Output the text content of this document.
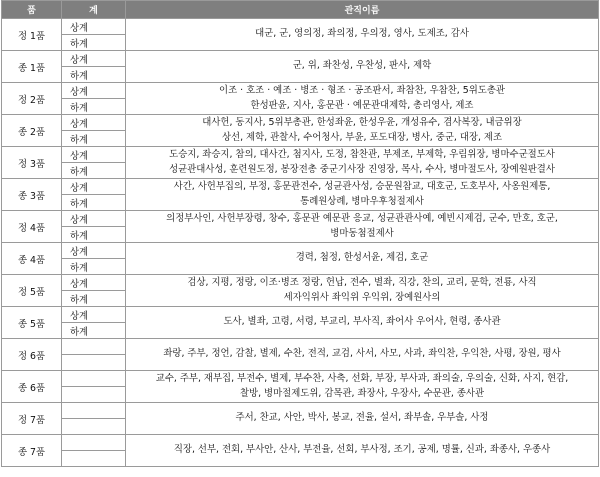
품	계	관직이름
정 1품	상계	대군, 군, 영의정, 좌의정, 우의정, 영사, 도제조, 감사
	하계	
종 1품	상계	군, 위, 좌찬성, 우찬성, 판사, 제학
	하계	
정 2품	상계	이조 · 호조 · 예조 · 병조 · 형조 · 공조판서, 좌참찬, 우참찬, 5위도총관
한성판윤, 지사, 홍문관 · 예문관대제학, 총리영사, 제조
	하계	
종 2품	상계	대사헌, 동지사, 5위부총관, 한성좌윤, 한성우윤, 개성유수, 겸사복장, 내금위장
상선, 제학, 관찰사, 수어청사, 부윤, 포도대장, 병사, 중군, 대장, 제조
	하계	
정 3품	상계	도승지, 좌승지, 참의, 대사간, 첨지사, 도정, 참찬관, 부제조, 부제학, 우림위장, 병마수군절도사
성균관대사성, 훈련원도정, 봉장전총 중군기사장 진영장, 목사, 수사, 병마절도사, 장예원판결사
	하계	
종 3품	상계	사간, 사헌부집의, 부정, 홍문관전수, 성균관사성, 승문원참교, 대호군, 도호부사, 사옹원제통,
통례원상례, 병마우후청절제사
	하계	
정 4품	상계	의정부사인, 사헌부장령, 창수, 홍문관 예문관 응교, 성균관관사예, 예빈시제검, 군수, 만호, 호군,
병마동첨절제사
	하계	
종 4품	상계	경력, 첨정, 한성서윤, 제검, 호군
	하계	
정 5품	상계	검상, 지평, 정랑, 이조·병조 정랑, 헌납, 전수, 별좌, 직강, 찬의, 교리, 문학, 전룡, 사직
세자익위사 좌익위 우익위, 장예원사의
	하계	
종 5품	상계	도사, 별좌, 고령, 서령, 부교리, 부사직, 좌어사 우어사, 현령, 종사관
	하계	
정 6품		좌랑, 주부, 정언, 감찰, 별제, 수찬, 전적, 교검, 사서, 사모, 사과, 좌익찬, 우익찬, 사평, 장원, 평사

종 6품		교수, 주부, 재부집, 부전수, 별제, 부수찬, 사축, 선화, 부장, 부사과, 좌의술, 우의술, 신화, 사지, 현감,
찰방, 병마절제도위, 감목관, 좌장사, 우장사, 수문관, 종사관

정 7품		주서, 찬교, 사안, 박사, 봉교, 전율, 설서, 좌부솔, 우부솔, 사정

종 7품		직장, 선부, 전회, 부사안, 산사, 부전율, 선회, 부사정, 조기, 공제, 명률, 신과, 좌종사, 우종사
